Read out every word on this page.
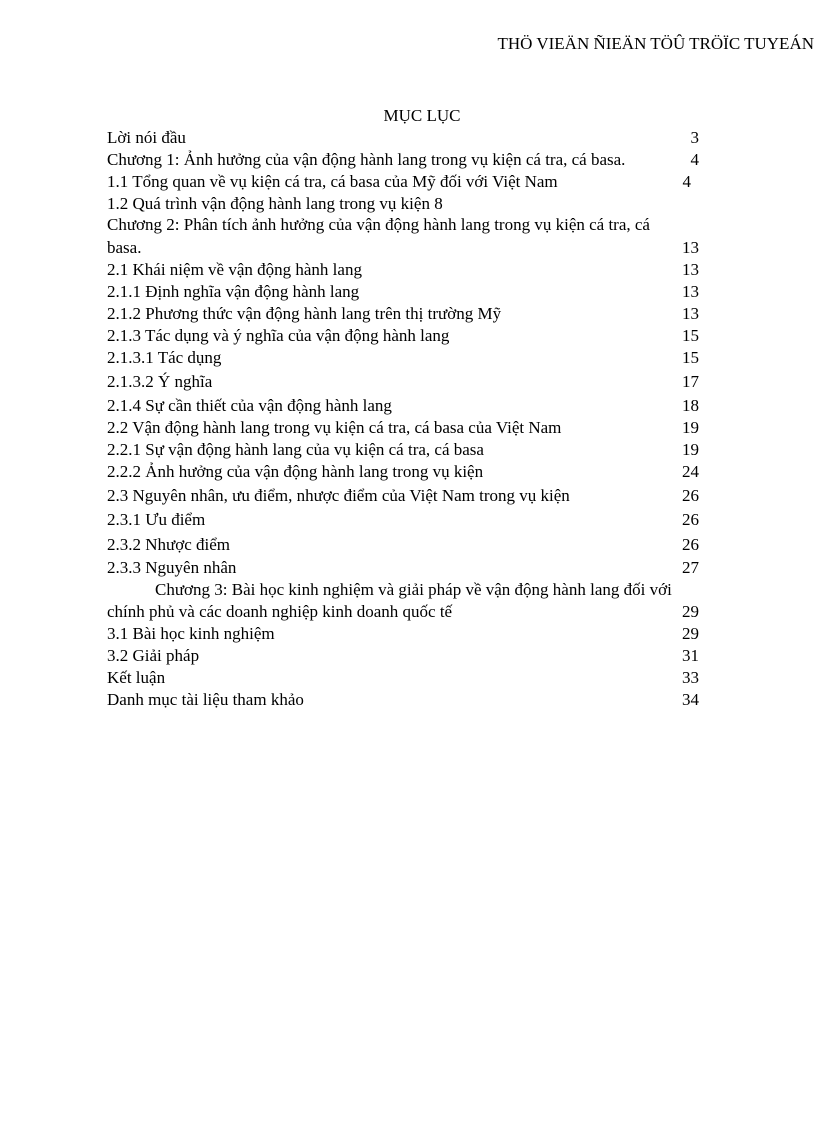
THÖ VIEÄN ÑIEÄN TÖÛ TRÖÏC TUYEÁN
MỤC LỤC
Lời nói đầu	3
Chương 1: Ảnh hưởng của vận động hành lang trong vụ kiện cá tra, cá basa.	4
1.1 Tổng quan về vụ kiện cá tra, cá basa của Mỹ đối với Việt Nam	4
1.2 Quá trình vận động hành lang trong vụ kiện 8
Chương 2: Phân tích ảnh hưởng của vận động hành lang trong vụ kiện cá tra, cá
basa.	13
2.1 Khái niệm về vận động hành lang	13
2.1.1 Định nghĩa vận động hành lang	13
2.1.2 Phương thức vận động hành lang trên thị trường Mỹ	13
2.1.3 Tác dụng và ý nghĩa của vận động hành lang	15
2.1.3.1 Tác dụng	15
2.1.3.2 Ý nghĩa	17
2.1.4 Sự cần thiết của vận động hành lang	18
2.2 Vận động hành lang trong vụ kiện cá tra, cá basa của Việt Nam	19
2.2.1 Sự vận động hành lang của vụ kiện cá tra, cá basa	19
2.2.2 Ảnh hưởng của vận động hành lang trong vụ kiện	24
2.3 Nguyên nhân, ưu điểm, nhược điểm của Việt Nam trong vụ kiện	26
2.3.1 Ưu điểm	26
2.3.2 Nhược điểm	26
2.3.3 Nguyên nhân	27
Chương 3: Bài học kinh nghiệm và giải pháp về vận động hành lang đối với
chính phủ và các doanh nghiệp kinh doanh quốc tế	29
3.1 Bài học kinh nghiệm	29
3.2 Giải pháp	31
Kết luận	33
Danh mục tài liệu tham khảo	34
